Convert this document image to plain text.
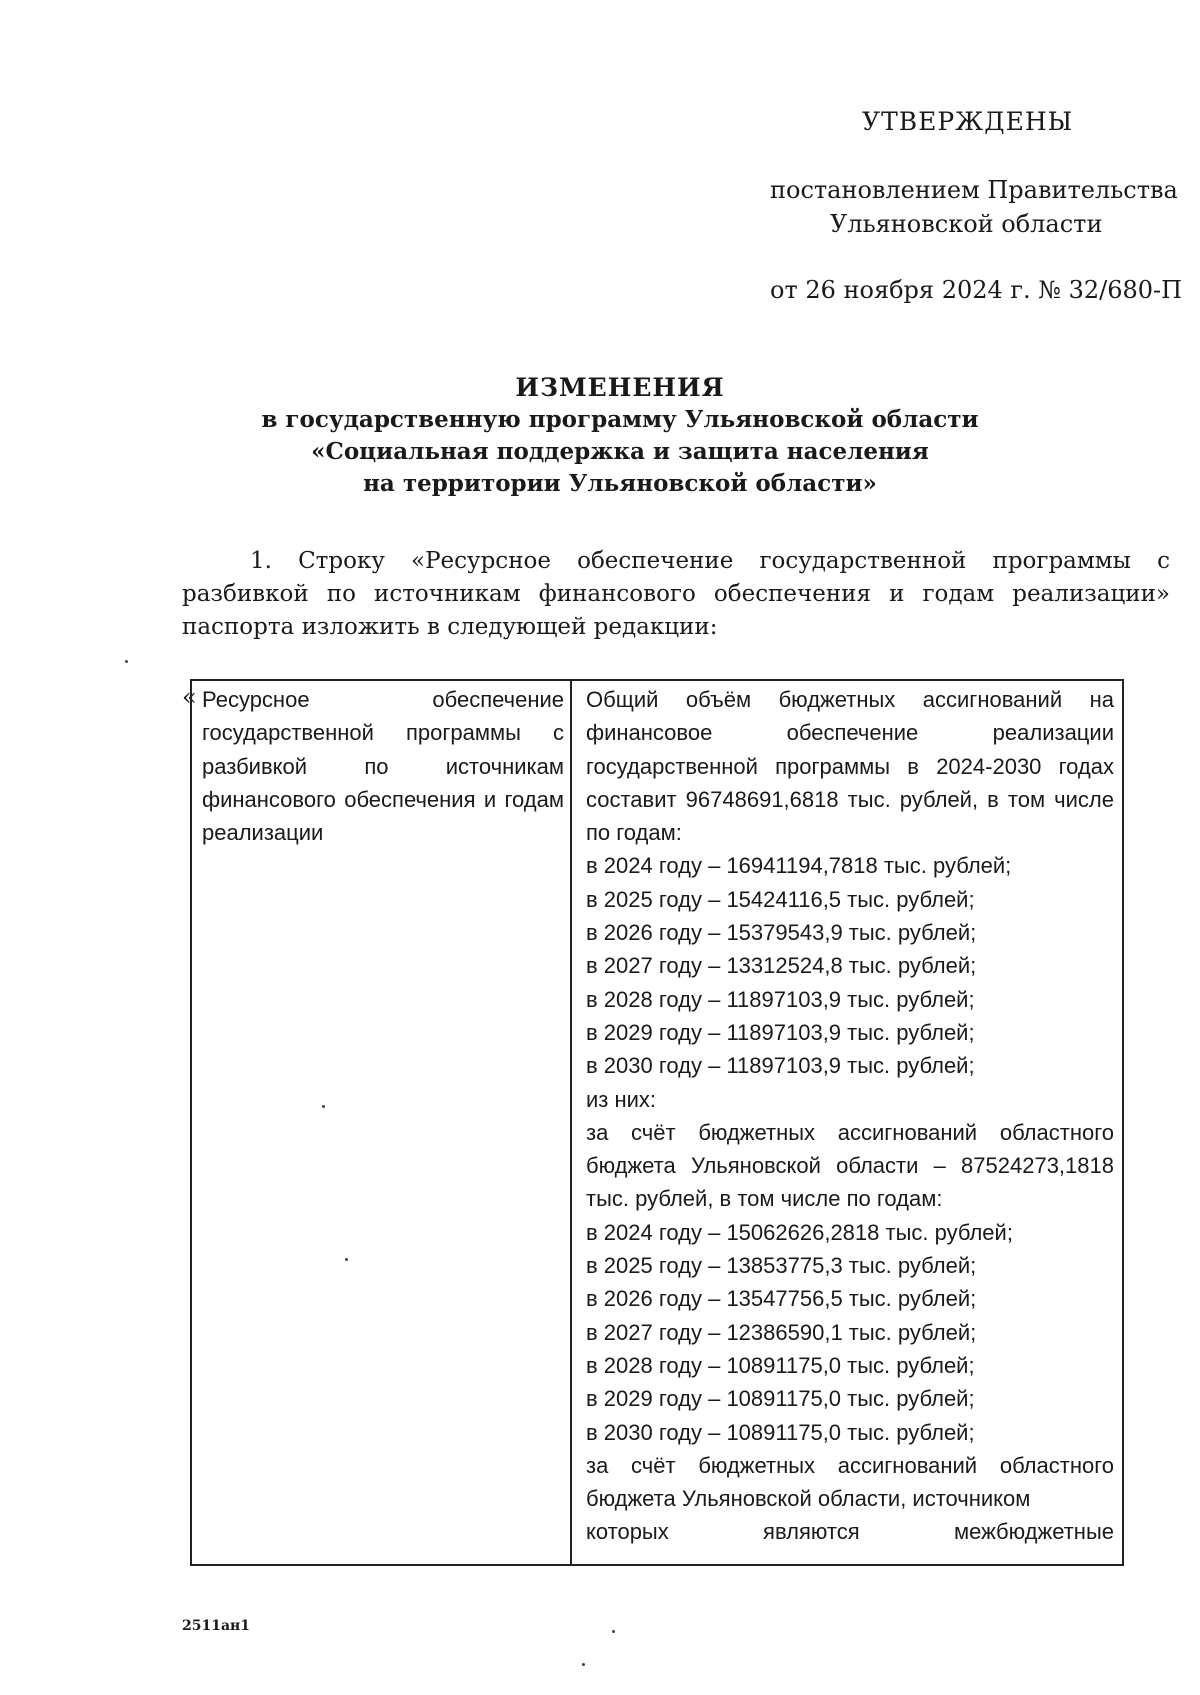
УТВЕРЖДЕНЫ
постановлением Правительства
Ульяновской области
от 26 ноября 2024 г. № 32/680-П
ИЗМЕНЕНИЯ
в государственную программу Ульяновской области
«Социальная поддержка и защита населения
на территории Ульяновской области»
1. Строку «Ресурсное обеспечение государственной программы с разбивкой по источникам финансового обеспечения и годам реализации» паспорта изложить в следующей редакции:
« Ресурсное обеспечение государственной программы с разбивкой по источникам финансового обеспечения и годам реализации
Общий объём бюджетных ассигнований на финансовое обеспечение реализации государственной программы в 2024-2030 годах составит 96748691,6818 тыс. рублей, в том числе по годам:
в 2024 году – 16941194,7818 тыс. рублей;
в 2025 году – 15424116,5 тыс. рублей;
в 2026 году – 15379543,9 тыс. рублей;
в 2027 году – 13312524,8 тыс. рублей;
в 2028 году – 11897103,9 тыс. рублей;
в 2029 году – 11897103,9 тыс. рублей;
в 2030 году – 11897103,9 тыс. рублей;
из них:
за счёт бюджетных ассигнований областного бюджета Ульяновской области – 87524273,1818 тыс. рублей, в том числе по годам:
в 2024 году – 15062626,2818 тыс. рублей;
в 2025 году – 13853775,3 тыс. рублей;
в 2026 году – 13547756,5 тыс. рублей;
в 2027 году – 12386590,1 тыс. рублей;
в 2028 году – 10891175,0 тыс. рублей;
в 2029 году – 10891175,0 тыс. рублей;
в 2030 году – 10891175,0 тыс. рублей;
за счёт бюджетных ассигнований областного бюджета Ульяновской области, источником
которых являются межбюджетные
2511ан1
